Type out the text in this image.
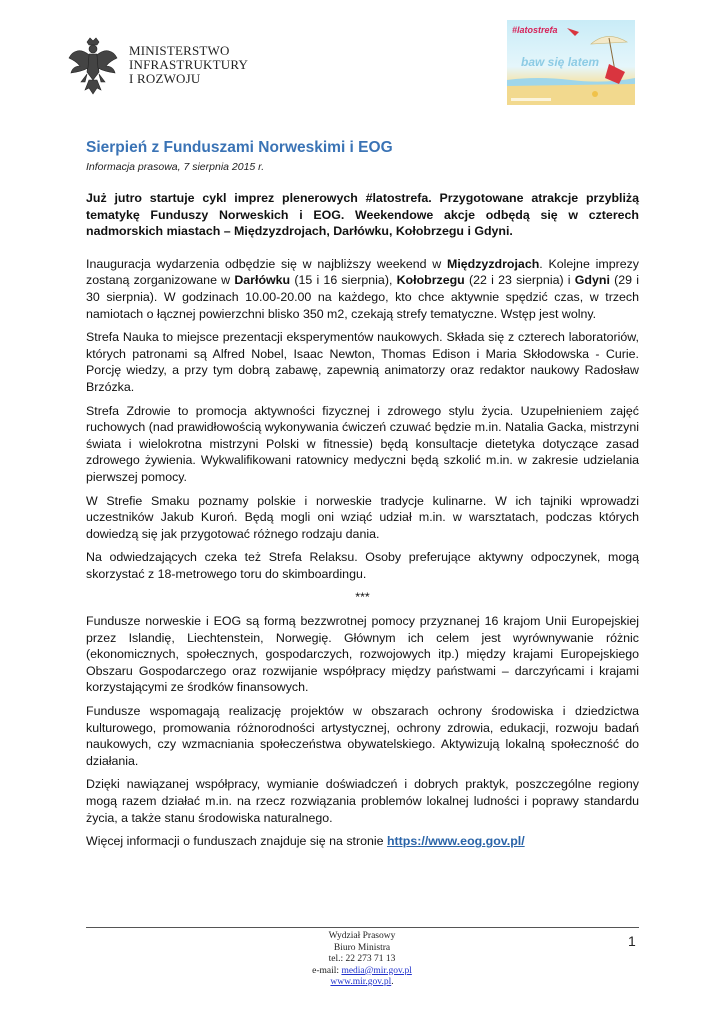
MINISTERSTWO
INFRASTRUKTURY
I ROZWOJU
#latostrefa
baw się latem
Sierpień z Funduszami Norweskimi i EOG
Informacja prasowa, 7 sierpnia 2015 r.

Już jutro startuje cykl imprez plenerowych #latostrefa. Przygotowane atrakcje przybliżą tematykę Funduszy Norweskich i EOG. Weekendowe akcje odbędą się w czterech nadmorskich miastach – Międzyzdrojach, Darłówku, Kołobrzegu i Gdyni.

Inauguracja wydarzenia odbędzie się w najbliższy weekend w Międzyzdrojach. Kolejne imprezy zostaną zorganizowane w Darłówku (15 i 16 sierpnia), Kołobrzegu (22 i 23 sierpnia) i Gdyni (29 i 30 sierpnia). W godzinach 10.00-20.00 na każdego, kto chce aktywnie spędzić czas, w trzech namiotach o łącznej powierzchni blisko 350 m2, czekają strefy tematyczne. Wstęp jest wolny.

Strefa Nauka to miejsce prezentacji eksperymentów naukowych. Składa się z czterech laboratoriów, których patronami są Alfred Nobel, Isaac Newton, Thomas Edison i Maria Skłodowska - Curie. Porcję wiedzy, a przy tym dobrą zabawę, zapewnią animatorzy oraz redaktor naukowy Radosław Brzózka.

Strefa Zdrowie to promocja aktywności fizycznej i zdrowego stylu życia. Uzupełnieniem zajęć ruchowych (nad prawidłowością wykonywania ćwiczeń czuwać będzie m.in. Natalia Gacka, mistrzyni świata i wielokrotna mistrzyni Polski w fitnessie) będą konsultacje dietetyka dotyczące zasad zdrowego żywienia. Wykwalifikowani ratownicy medyczni będą szkolić m.in. w zakresie udzielania pierwszej pomocy.

W Strefie Smaku poznamy polskie i norweskie tradycje kulinarne. W ich tajniki wprowadzi uczestników Jakub Kuroń. Będą mogli oni wziąć udział m.in. w warsztatach, podczas których dowiedzą się jak przygotować różnego rodzaju dania.

Na odwiedzających czeka też Strefa Relaksu. Osoby preferujące aktywny odpoczynek, mogą skorzystać z 18-metrowego toru do skimboardingu.

***

Fundusze norweskie i EOG są formą bezzwrotnej pomocy przyznanej 16 krajom Unii Europejskiej przez Islandię, Liechtenstein, Norwegię. Głównym ich celem jest wyrównywanie różnic (ekonomicznych, społecznych, gospodarczych, rozwojowych itp.) między krajami Europejskiego Obszaru Gospodarczego oraz rozwijanie współpracy między państwami – darczyńcami i krajami korzystającymi ze środków finansowych.

Fundusze wspomagają realizację projektów w obszarach ochrony środowiska i dziedzictwa kulturowego, promowania różnorodności artystycznej, ochrony zdrowia, edukacji, rozwoju badań naukowych, czy wzmacniania społeczeństwa obywatelskiego. Aktywizują lokalną społeczność do działania.

Dzięki nawiązanej współpracy, wymianie doświadczeń i dobrych praktyk, poszczególne regiony mogą razem działać m.in. na rzecz rozwiązania problemów lokalnej ludności i poprawy standardu życia, a także stanu środowiska naturalnego.

Więcej informacji o funduszach znajduje się na stronie https://www.eog.gov.pl/

Wydział Prasowy
Biuro Ministra
tel.: 22 273 71 13
e-mail: media@mir.gov.pl
www.mir.gov.pl.
1
